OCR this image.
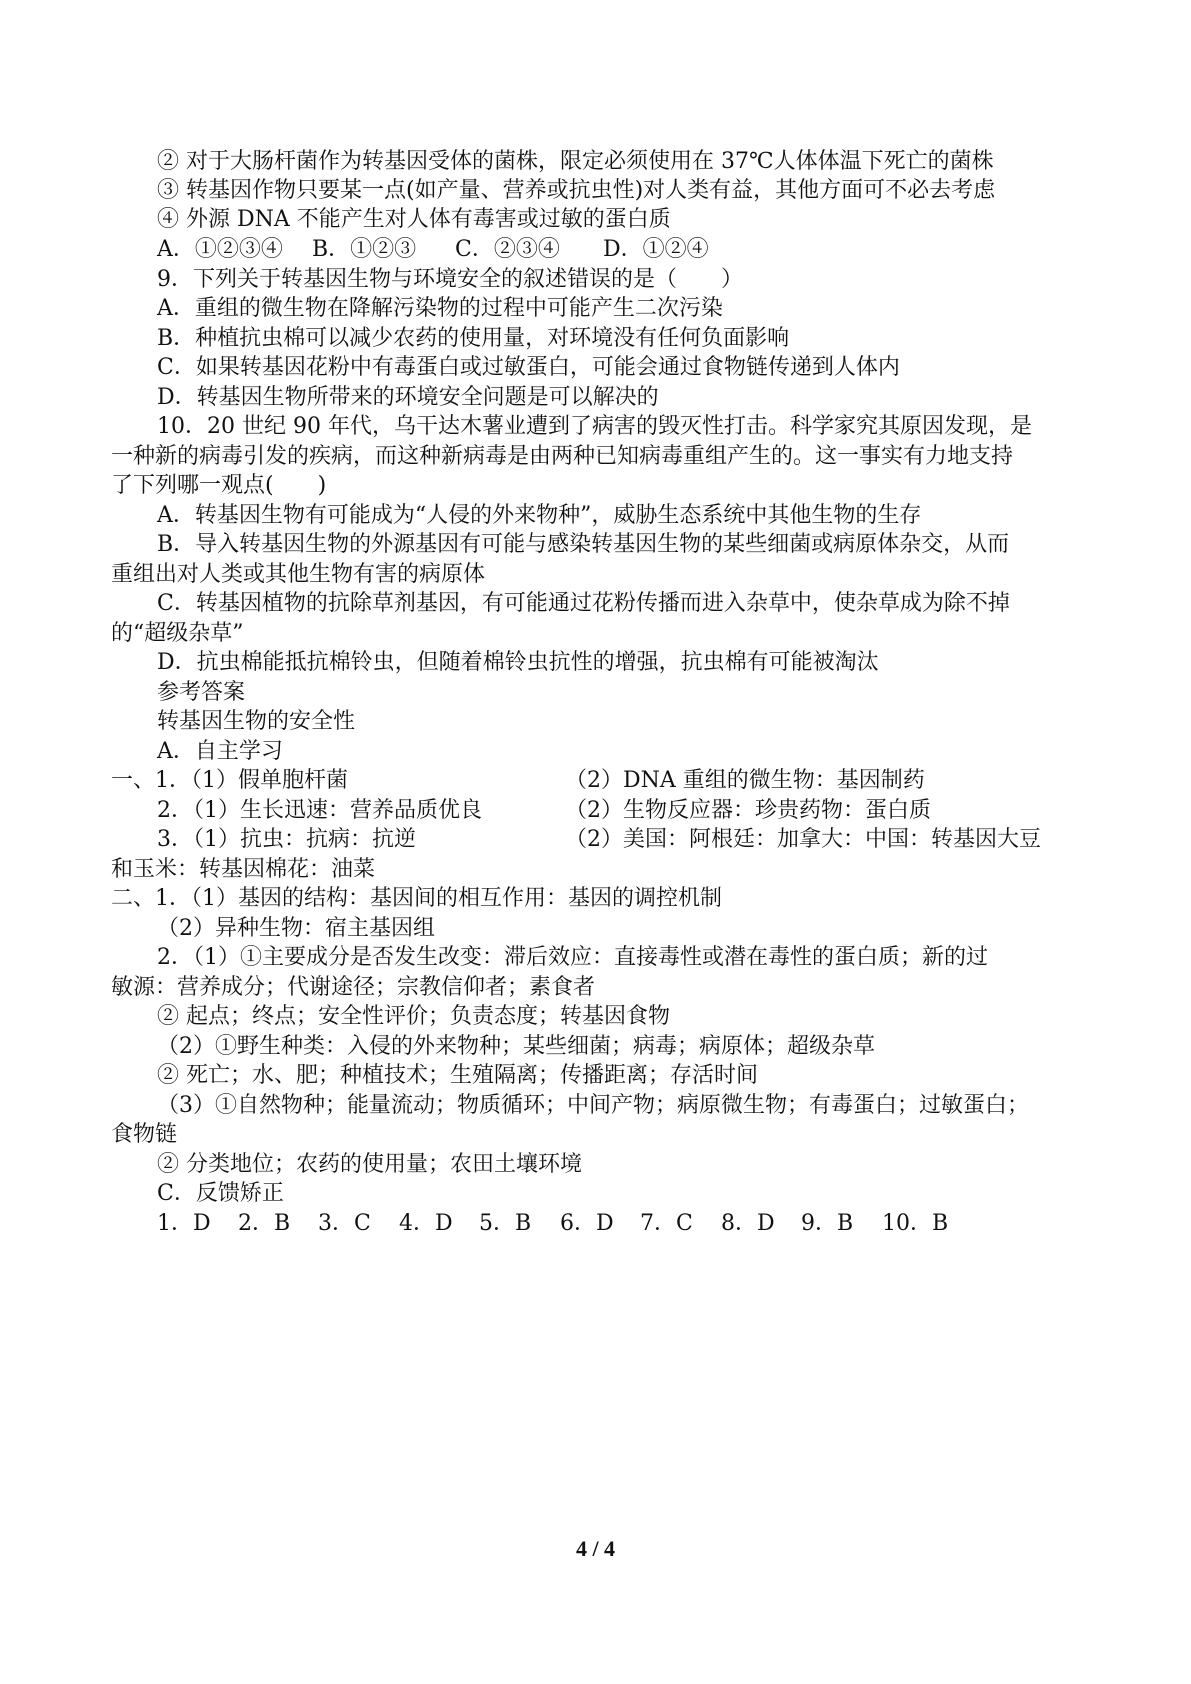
② 对于大肠杆菌作为转基因受体的菌株，限定必须使用在 37℃人体体温下死亡的菌株
③ 转基因作物只要某一点(如产量、营养或抗虫性)对人类有益，其他方面可不必去考虑
④ 外源 DNA 不能产生对人体有毒害或过敏的蛋白质
A．①②③④ B．①②③ C．②③④ D．①②④
9．下列关于转基因生物与环境安全的叙述错误的是（　　）
A．重组的微生物在降解污染物的过程中可能产生二次污染
B．种植抗虫棉可以减少农药的使用量，对环境没有任何负面影响
C．如果转基因花粉中有毒蛋白或过敏蛋白，可能会通过食物链传递到人体内
D．转基因生物所带来的环境安全问题是可以解决的
10．20 世纪 90 年代，乌干达木薯业遭到了病害的毁灭性打击。科学家究其原因发现，是
一种新的病毒引发的疾病，而这种新病毒是由两种已知病毒重组产生的。这一事实有力地支持
了下列哪一观点(　　)
A．转基因生物有可能成为“人侵的外来物种”，威胁生态系统中其他生物的生存
B．导入转基因生物的外源基因有可能与感染转基因生物的某些细菌或病原体杂交，从而
重组出对人类或其他生物有害的病原体
C．转基因植物的抗除草剂基因，有可能通过花粉传播而进入杂草中，使杂草成为除不掉
的“超级杂草”
D．抗虫棉能抵抗棉铃虫，但随着棉铃虫抗性的增强，抗虫棉有可能被淘汰
参考答案
转基因生物的安全性
A．自主学习
一、1．（1）假单胞杆菌	（2）DNA 重组的微生物：基因制药
2．（1）生长迅速：营养品质优良	（2）生物反应器：珍贵药物：蛋白质
3．（1）抗虫：抗病：抗逆	（2）美国：阿根廷：加拿大：中国：转基因大豆
和玉米：转基因棉花：油菜
二、1．（1）基因的结构：基因间的相互作用：基因的调控机制
（2）异种生物：宿主基因组
2．（1）①主要成分是否发生改变：滞后效应：直接毒性或潜在毒性的蛋白质；新的过
敏源：营养成分；代谢途径；宗教信仰者；素食者
② 起点；终点；安全性评价；负责态度；转基因食物
（2）①野生种类：入侵的外来物种；某些细菌；病毒；病原体；超级杂草
② 死亡；水、肥；种植技术；生殖隔离；传播距离；存活时间
（3）①自然物种；能量流动；物质循环；中间产物；病原微生物；有毒蛋白；过敏蛋白；
食物链
② 分类地位；农药的使用量；农田土壤环境
C．反馈矫正
1．D 2．B 3．C 4．D 5．B 6．D 7．C 8．D 9．B 10．B
4 / 4
